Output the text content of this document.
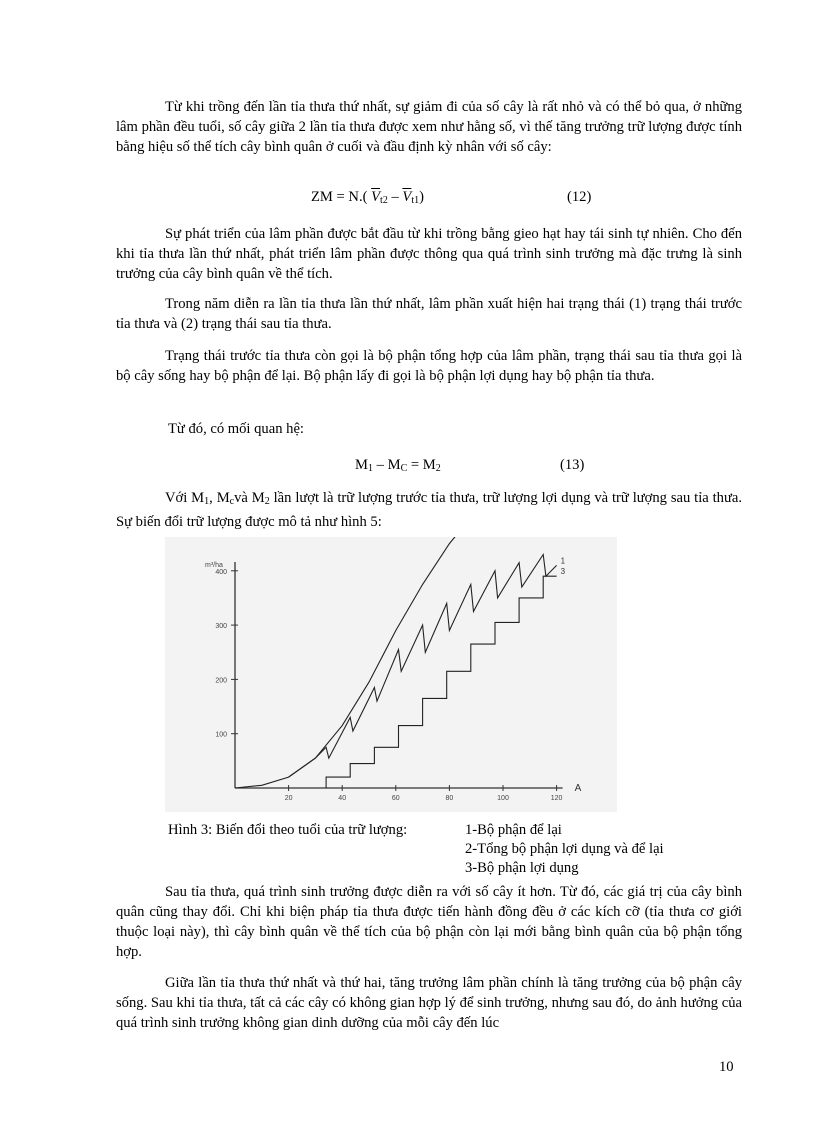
Từ khi trồng đến lần tỉa thưa thứ nhất, sự giảm đi của số cây là rất nhỏ và có thể bỏ qua, ở những lâm phần đều tuổi, số cây giữa 2 lần tỉa thưa được xem như hằng số, vì thế tăng trưởng trữ lượng được tính bằng hiệu số thể tích cây bình quân ở cuối và đầu định kỳ nhân với số cây:

ZM = N.( $\overline{V}_{t2} - \overline{V}_{t1}$)	(12)

Sự phát triển của lâm phần được bắt đầu từ khi trồng bằng gieo hạt hay tái sinh tự nhiên. Cho đến khi tỉa thưa lần thứ nhất, phát triển lâm phần được thông qua quá trình sinh trưởng mà đặc trưng là sinh trưởng của cây bình quân về thể tích.

Trong năm diễn ra lần tỉa thưa lần thứ nhất, lâm phần xuất hiện hai trạng thái (1) trạng thái trước tỉa thưa và (2) trạng thái sau tỉa thưa.

Trạng thái trước tỉa thưa còn gọi là bộ phận tổng hợp của lâm phần, trạng thái sau tỉa thưa gọi là bộ cây sống hay bộ phận để lại. Bộ phận lấy đi gọi là bộ phận lợi dụng hay bộ phận tỉa thưa.

Từ đó, có mối quan hệ:

$M_1 - M_C = M_2$	(13)

Với $M_1$, $M_cvà$ $M_2$ lần lượt là trữ lượng trước tỉa thưa, trữ lượng lợi dụng và trữ lượng sau tỉa thưa. Sự biến đổi trữ lượng được mô tả như hình 5:

100
200
300
400
20	40	60	80	100	120
m³/ha
A
1
3
Hình 3: Biến đổi theo tuổi của trữ lượng:	1-Bộ phận để lại
2-Tổng bộ phận lợi dụng và để lại
3-Bộ phận lợi dụng

Sau tỉa thưa, quá trình sinh trưởng được diễn ra với số cây ít hơn. Từ đó, các giá trị của cây bình quân cũng thay đổi. Chỉ khi biện pháp tỉa thưa được tiến hành đồng đều ở các kích cỡ (tỉa thưa cơ giới thuộc loại này), thì cây bình quân về thể tích của bộ phận còn lại mới bằng bình quân của bộ phận tổng hợp.

Giữa lần tỉa thưa thứ nhất và thứ hai, tăng trưởng lâm phần chính là tăng trưởng của bộ phận cây sống. Sau khi tỉa thưa, tất cả các cây có không gian hợp lý để sinh trưởng, nhưng sau đó, do ảnh hưởng của quá trình sinh trưởng không gian dinh dưỡng của mỗi cây đến lúc

10
